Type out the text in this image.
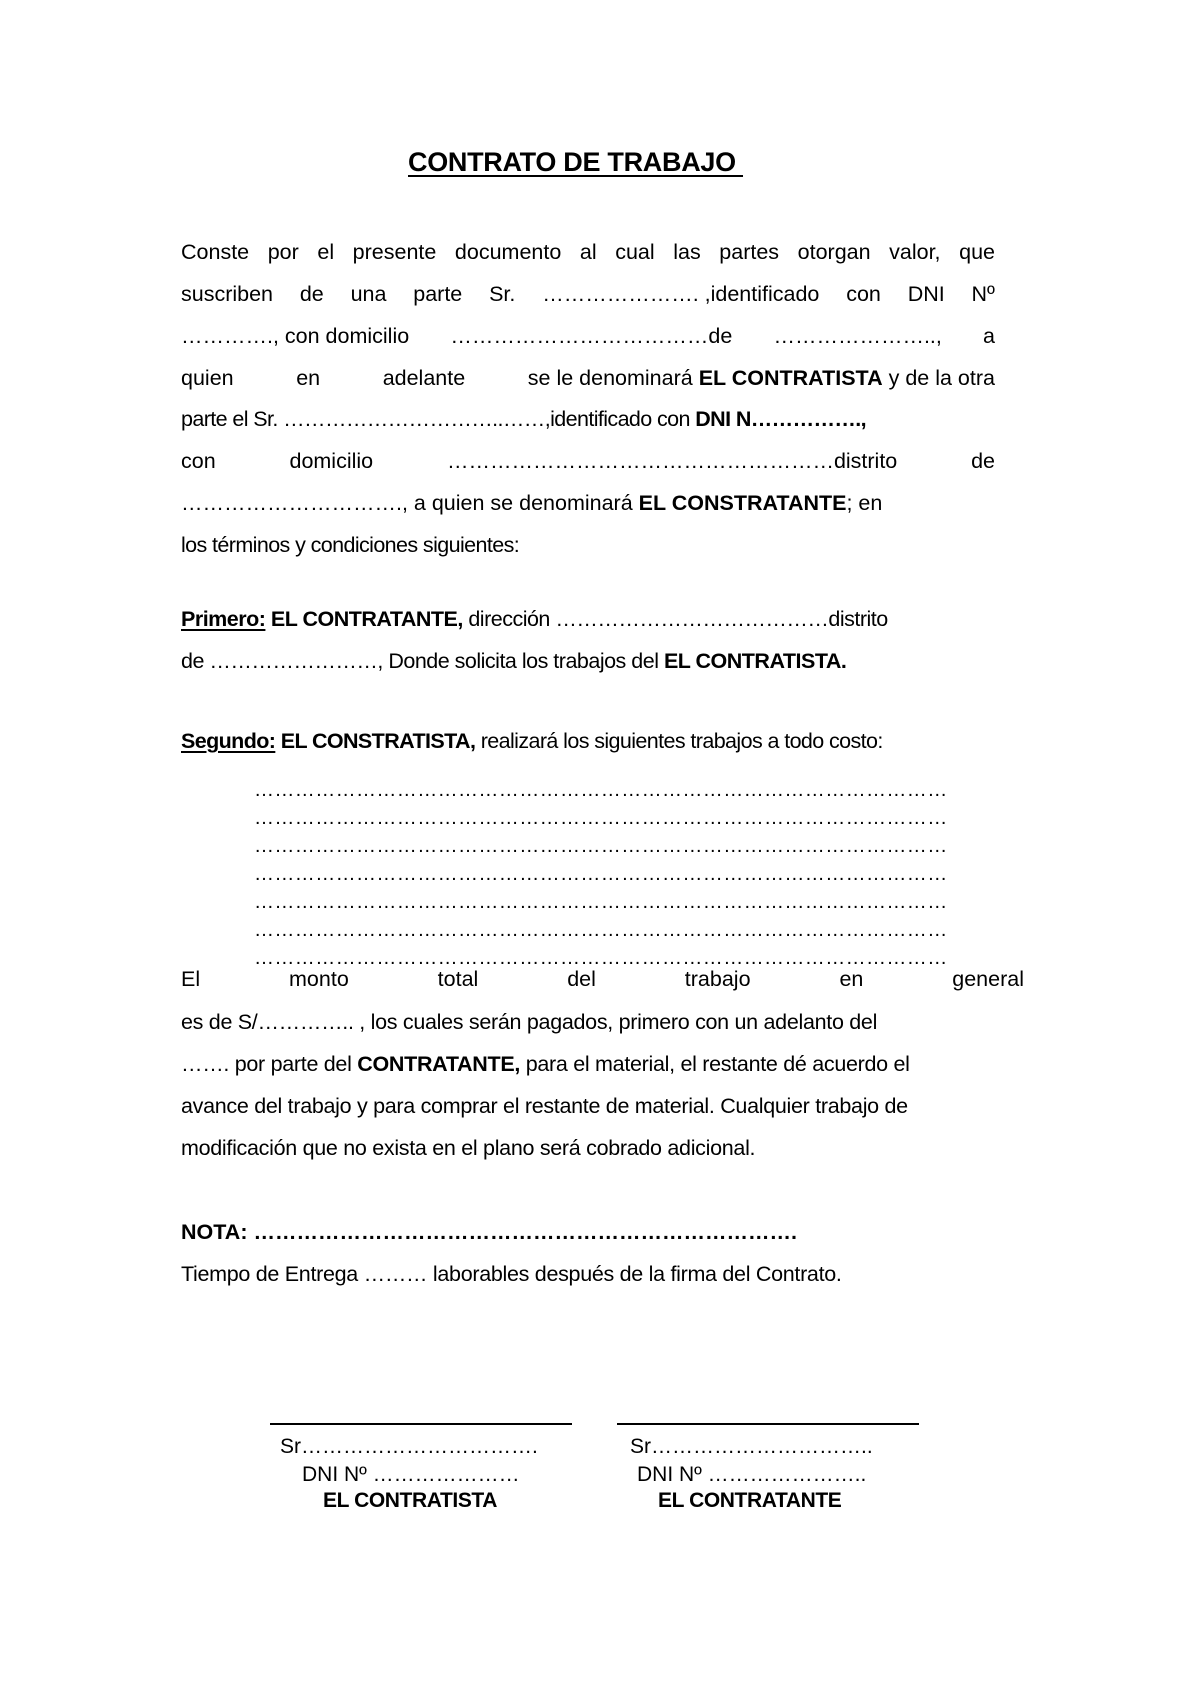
CONTRATO DE TRABAJO
Conste por el presente documento al cual las partes otorgan valor, que
suscriben de una parte Sr. …………………. ,identificado con DNI Nº
…………., con domicilio ………………………………de ………………….., a
quien	en	adelante	se le denominará EL CONTRATISTA y de la otra
parte el Sr. …………………………..……,identificado con DNI N…………….,
con	domicilio	………………………………………………distrito	de
…………………………., a quien se denominará EL CONSTRATANTE; en
los términos y condiciones siguientes:
Primero: EL CONTRATANTE, dirección …………………………………distrito
de ……………………, Donde solicita los trabajos del EL CONTRATISTA.
Segundo: EL CONSTRATISTA, realizará los siguientes trabajos a todo costo:
…………………………………………………………………………………………
…………………………………………………………………………………………
…………………………………………………………………………………………
…………………………………………………………………………………………
…………………………………………………………………………………………
…………………………………………………………………………………………
…………………………………………………………………………………………
El	monto	total	del	trabajo	en	general
es de S/………….. , los cuales serán pagados, primero con un adelanto del
……. por parte del CONTRATANTE, para el material, el restante dé acuerdo el
avance del trabajo y para comprar el restante de material. Cualquier trabajo de
modificación que no exista en el plano será cobrado adicional.
NOTA: ………………………………………………………………….
Tiempo de Entrega ……… laborables después de la firma del Contrato.
Sr…………………………….
DNI Nº …………………
EL CONTRATISTA
Sr…………………………..
DNI Nº …………………..
EL CONTRATANTE
